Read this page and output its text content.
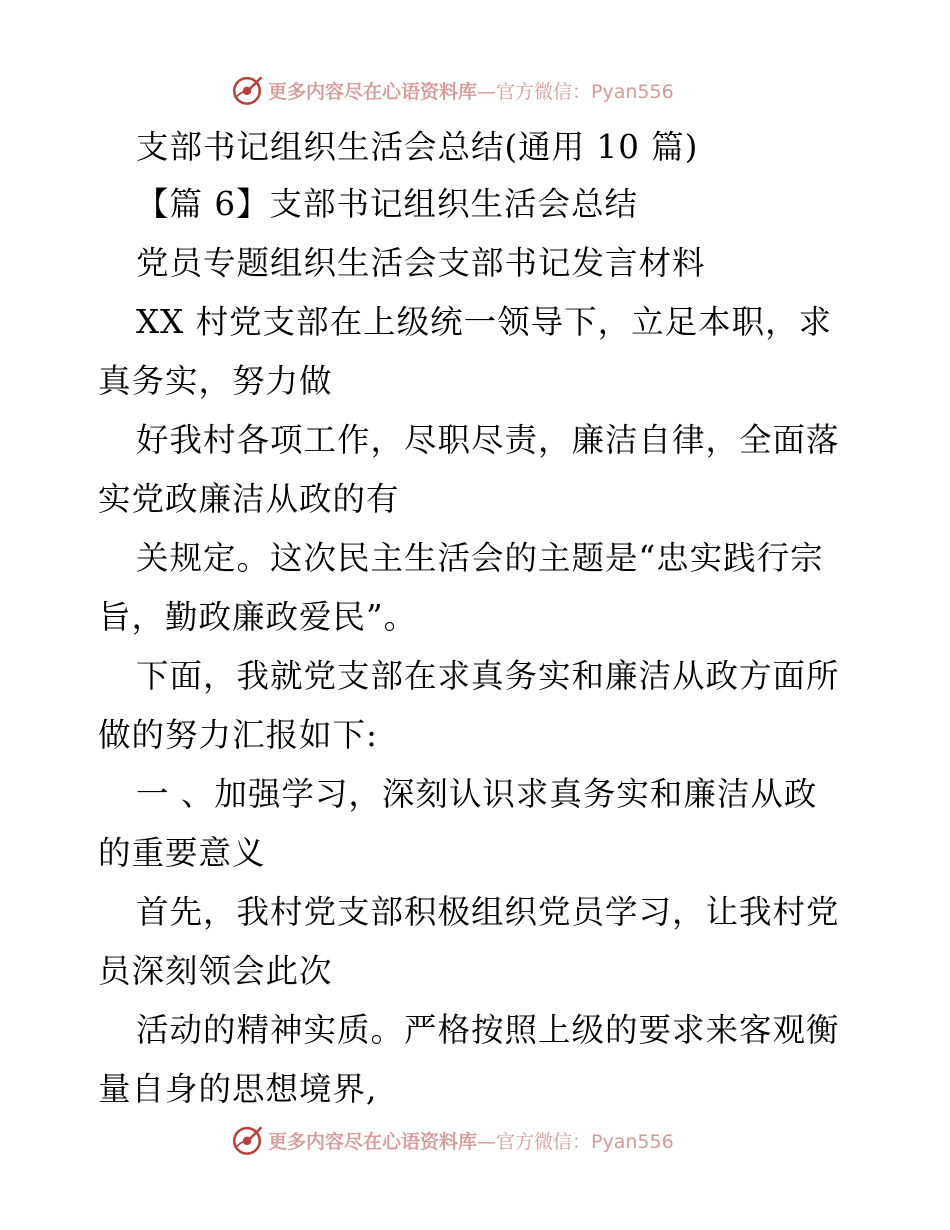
更多内容尽在心语资料库 —官方微信：Pyan556
支部书记组织生活会总结(通用 10 篇)
【篇 6】支部书记组织生活会总结
党员专题组织生活会支部书记发言材料
XX 村党支部在上级统一领导下，立足本职，求
真务实，努力做
好我村各项工作，尽职尽责，廉洁自律，全面落
实党政廉洁从政的有
关规定。这次民主生活会的主题是“忠实践行宗
旨，勤政廉政爱民”。
下面，我就党支部在求真务实和廉洁从政方面所
做的努力汇报如下:
一 、加强学习，深刻认识求真务实和廉洁从政
的重要意义
首先，我村党支部积极组织党员学习，让我村党
员深刻领会此次
活动的精神实质。严格按照上级的要求来客观衡
量自身的思想境界,
更多内容尽在心语资料库 —官方微信：Pyan556
